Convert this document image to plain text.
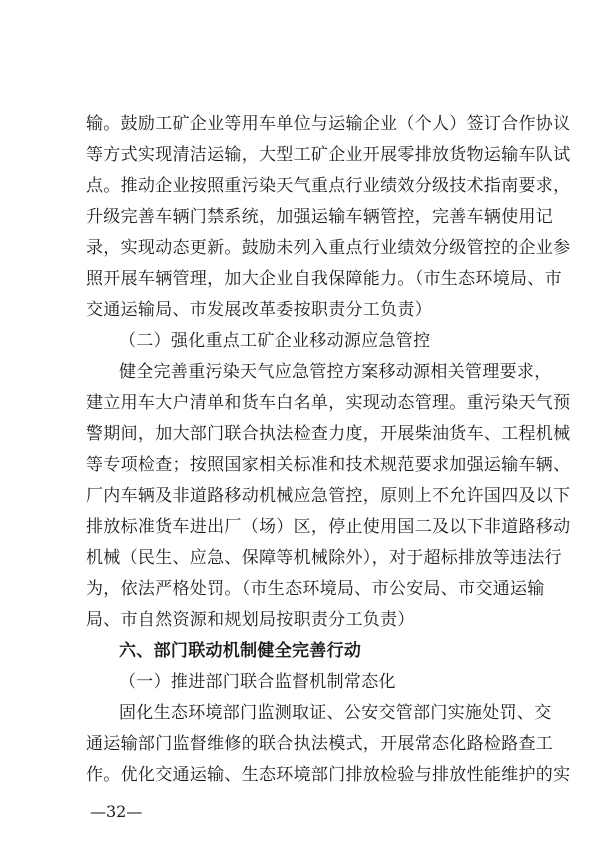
输。鼓励工矿企业等用车单位与运输企业（个人）签订合作协议
等方式实现清洁运输，大型工矿企业开展零排放货物运输车队试
点。推动企业按照重污染天气重点行业绩效分级技术指南要求，
升级完善车辆门禁系统，加强运输车辆管控，完善车辆使用记
录，实现动态更新。鼓励未列入重点行业绩效分级管控的企业参
照开展车辆管理，加大企业自我保障能力。（市生态环境局、市
交通运输局、市发展改革委按职责分工负责）
（二）强化重点工矿企业移动源应急管控
健全完善重污染天气应急管控方案移动源相关管理要求，
建立用车大户清单和货车白名单，实现动态管理。重污染天气预
警期间，加大部门联合执法检查力度，开展柴油货车、工程机械
等专项检查；按照国家相关标准和技术规范要求加强运输车辆、
厂内车辆及非道路移动机械应急管控，原则上不允许国四及以下
排放标准货车进出厂（场）区，停止使用国二及以下非道路移动
机械（民生、应急、保障等机械除外），对于超标排放等违法行
为，依法严格处罚。（市生态环境局、市公安局、市交通运输
局、市自然资源和规划局按职责分工负责）
六、部门联动机制健全完善行动
（一）推进部门联合监督机制常态化
固化生态环境部门监测取证、公安交管部门实施处罚、交
通运输部门监督维修的联合执法模式，开展常态化路检路查工
作。优化交通运输、生态环境部门排放检验与排放性能维护的实
—32—
